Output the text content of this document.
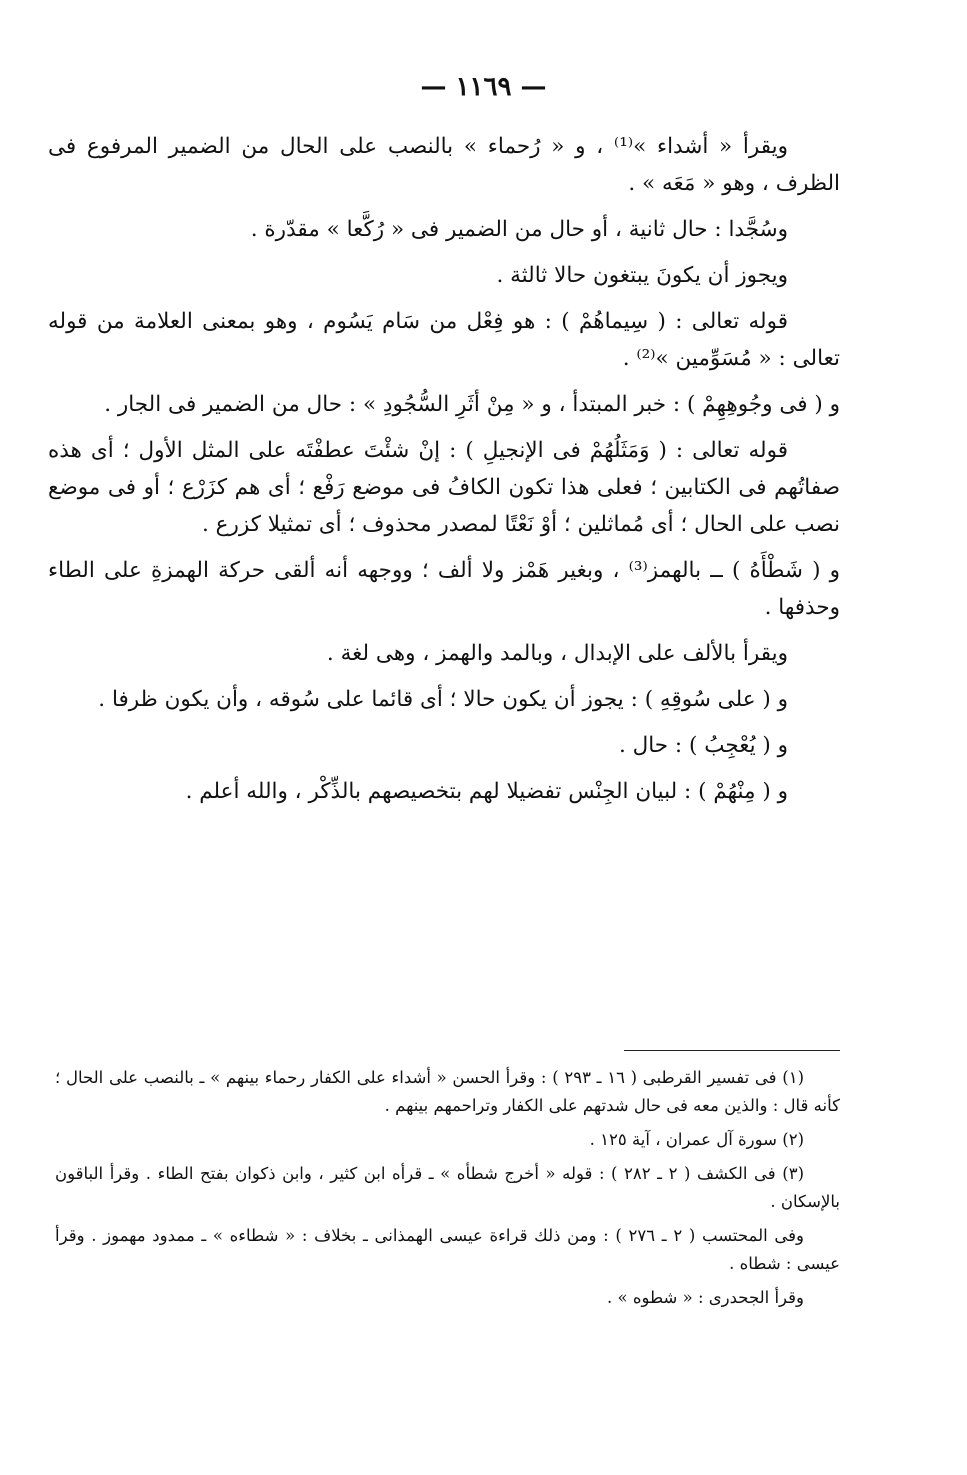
— ١١٦٩ —

ويقرأ « أشداء »⁽¹⁾ ، و « رُحماء » بالنصب على الحال من الضمير المرفوع فى الظرف ، وهو « مَعَه » .

وسُجَّدا : حال ثانية ، أو حال من الضمير فى « رُكَّعا » مقدّرة .

ويجوز أن يكونَ يبتغون حالا ثالثة .

قوله تعالى : ( سِيماهُمْ ) : هو فِعْل من سَام يَسُوم ، وهو بمعنى العلامة من قوله تعالى : « مُسَوِّمين »⁽²⁾ .

و ( فى وجُوهِهِمْ ) : خبر المبتدأ ، و « مِنْ أثَرِ السُّجُودِ » : حال من الضمير فى الجار .

قوله تعالى : ( وَمَثَلُهُمْ فى الإنجيلِ ) : إنْ شئْتَ عطفْتَه على المثل الأول ؛ أى هذه صفاتُهم فى الكتابين ؛ فعلى هذا تكون الكافُ فى موضع رَفْع ؛ أى هم كزَرْع ؛ أو فى موضع نصب على الحال ؛ أى مُماثلين ؛ أوْ نَعْتًا لمصدر محذوف ؛ أى تمثيلا كزرع .

و ( شَطْأَهُ ) ــ بالهمز⁽³⁾ ، وبغير هَمْز ولا ألف ؛ ووجهه أنه ألقى حركة الهمزةِ على الطاء وحذفها .

ويقرأ بالألف على الإبدال ، وبالمد والهمز ، وهى لغة .

و ( على سُوقِهِ ) : يجوز أن يكون حالا ؛ أى قائما على سُوقه ، وأن يكون ظرفا .

و ( يُعْجِبُ ) : حال .

و ( مِنْهُمْ ) : لبيان الجِنْس تفضيلا لهم بتخصيصهم بالذِّكْر ، والله أعلم .

(١) فى تفسير القرطبى ( ١٦ ـ ٢٩٣ ) : وقرأ الحسن « أشداء على الكفار رحماء بينهم » ـ بالنصب على الحال ؛ كأنه قال : والذين معه فى حال شدتهم على الكفار وتراحمهم بينهم .

(٢) سورة آل عمران ، آية ١٢٥ .

(٣) فى الكشف ( ٢ ـ ٢٨٢ ) : قوله « أخرج شطأه » ـ قرأه ابن كثير ، وابن ذكوان بفتح الطاء . وقرأ الباقون بالإسكان .

وفى المحتسب ( ٢ ـ ٢٧٦ ) : ومن ذلك قراءة عيسى الهمذانى ـ بخلاف : « شطاءه » ـ ممدود مهموز . وقرأ عيسى : شطاه .

وقرأ الجحدرى : « شطوه » .
